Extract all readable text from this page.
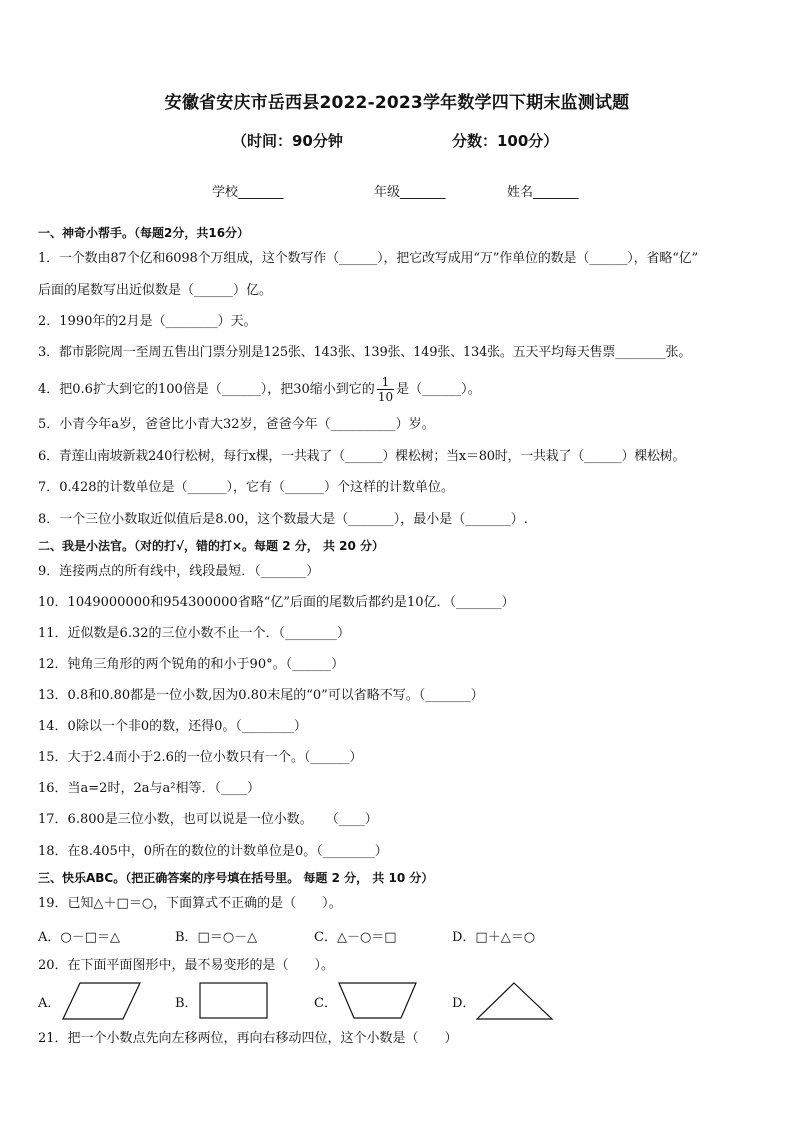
安徽省安庆市岳西县2022-2023学年数学四下期末监测试题
（时间：90分钟	分数：100分）
学校_______	年级_______	姓名_______
一、神奇小帮手。（每题2分，共16分）
1．一个数由87个亿和6098个万组成，这个数写作（______），把它改写成用“万”作单位的数是（______），省略“亿”
后面的尾数写出近似数是（______）亿。
2．1990年的2月是（________）天。
3．都市影院周一至周五售出门票分别是125张、143张、139张、149张、134张。五天平均每天售票________张。
4．把0.6扩大到它的100倍是（______），把30缩小到它的 $\frac{1}{10}$ 是（______）。
5．小青今年a岁，爸爸比小青大32岁，爸爸今年（__________）岁。
6．青莲山南坡新栽240行松树，每行x棵，一共栽了（______）棵松树；当x＝80时，一共栽了（______）棵松树。
7．0.428的计数单位是（______），它有（______）个这样的计数单位。
8．一个三位小数取近似值后是8.00，这个数最大是（_______），最小是（_______）.
二、我是小法官。（对的打√，错的打×。每题 2 分， 共 20 分）
9．连接两点的所有线中，线段最短．（_______）
10．1049000000和954300000省略“亿”后面的尾数后都约是10亿．（_______）
11．近似数是6.32的三位小数不止一个．（________）
12．钝角三角形的两个锐角的和小于90°。（______）
13．0.8和0.80都是一位小数,因为0.80末尾的“0”可以省略不写。（_______）
14．0除以一个非0的数，还得0。（________）
15．大于2.4而小于2.6的一位小数只有一个。（______）
16．当a=2时，2a与a²相等．（____）
17．6.800是三位小数，也可以说是一位小数。　　（____）
18．在8.405中，0所在的数位的计数单位是0。（________）
三、快乐ABC。（把正确答案的序号填在括号里。 每题 2 分， 共 10 分）
19．已知△＋□＝○，下面算式不正确的是（　　）。
A．○－□＝△	B．□＝○－△	C．△－○＝□	D．□＋△＝○
20．在下面平面图形中，最不易变形的是（　　）。
A．	B．	C．	D．
21．把一个小数点先向左移两位，再向右移动四位，这个小数是（　　）
